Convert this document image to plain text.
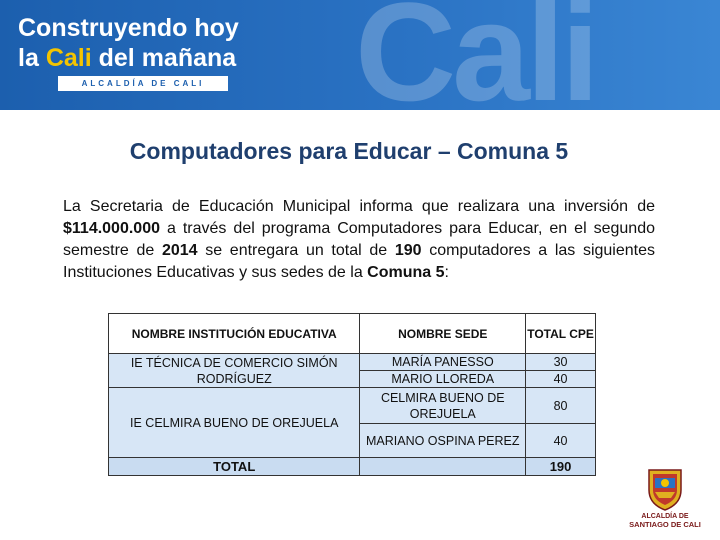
Cali
Construyendo hoy
la Cali del mañana
ALCALDÍA DE CALI
Computadores para Educar – Comuna 5
La Secretaria de Educación Municipal informa que realizara una inversión de $114.000.000 a través del programa Computadores para Educar, en el segundo semestre de 2014 se entregara un total de 190 computadores a las siguientes Instituciones Educativas y sus sedes de la Comuna 5:
NOMBRE INSTITUCIÓN EDUCATIVA	NOMBRE SEDE	TOTAL CPE
IE TÉCNICA DE COMERCIO SIMÓN RODRÍGUEZ	MARÍA PANESSO	30
	MARIO LLOREDA	40
IE CELMIRA BUENO DE OREJUELA	CELMIRA BUENO DE OREJUELA	80
	MARIANO OSPINA PEREZ	40
TOTAL		190
ALCALDÍA DE
SANTIAGO DE CALI
